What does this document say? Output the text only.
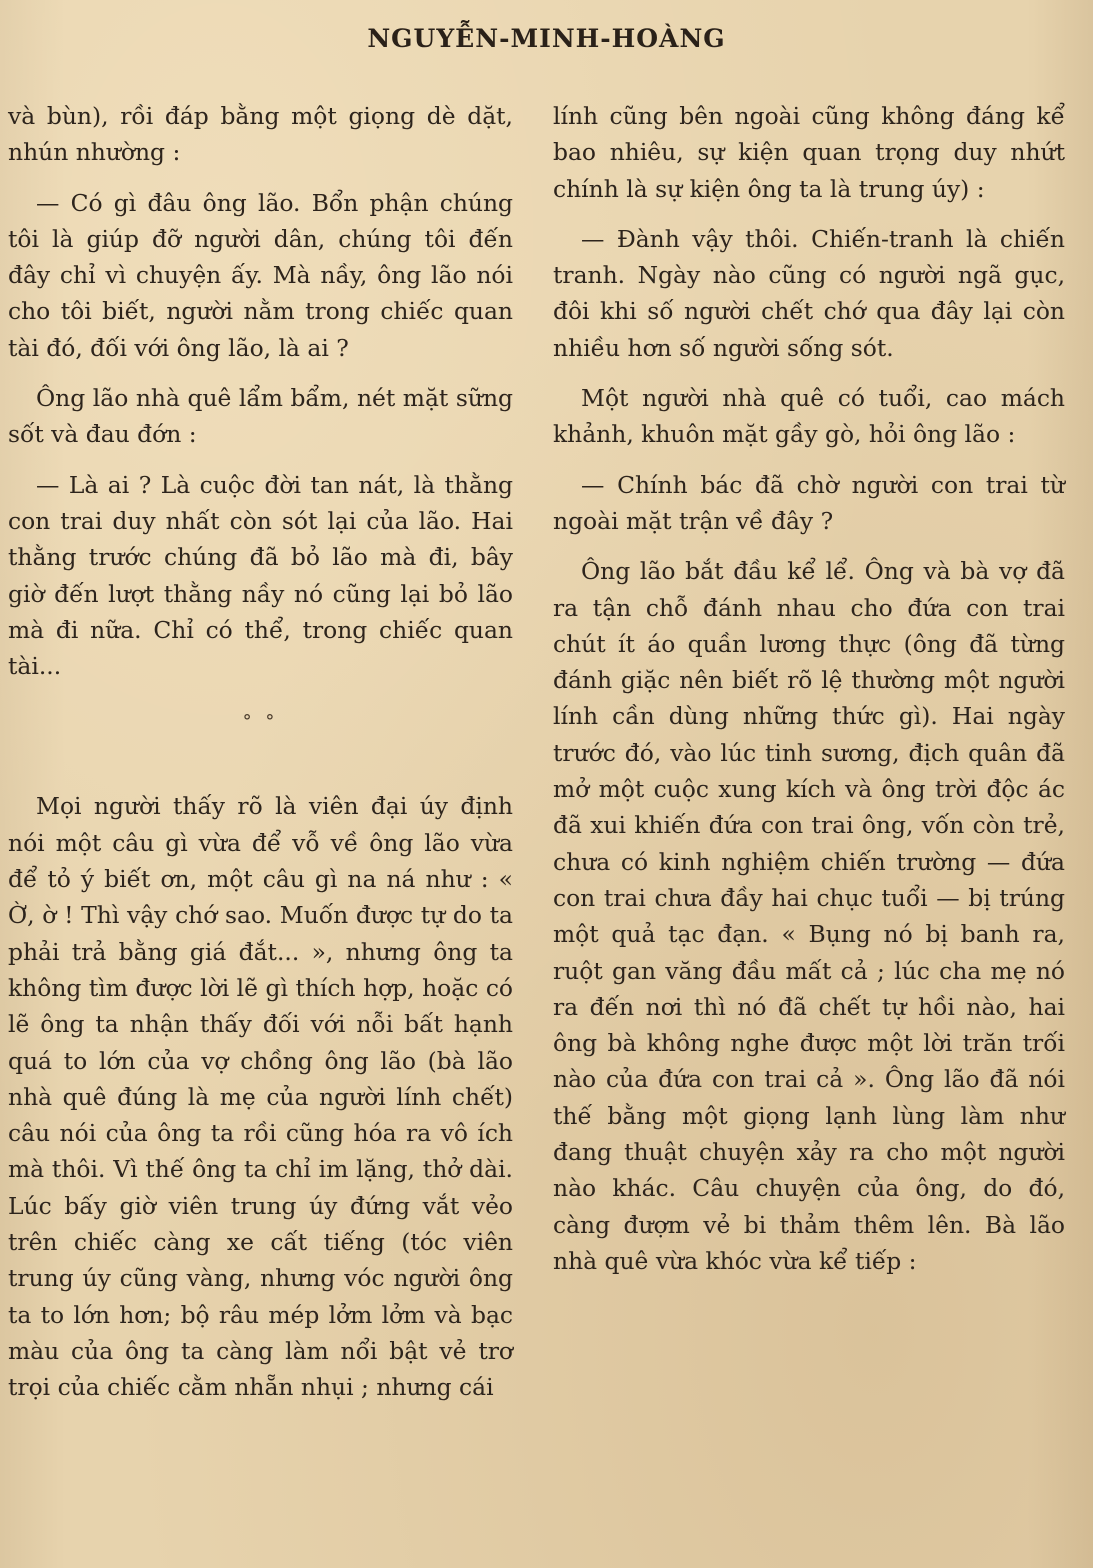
NGUYỄN-MINH-HOÀNG

và bùn), rồi đáp bằng một giọng dè dặt, nhún nhường :

— Có gì đâu ông lão. Bổn phận chúng tôi là giúp đỡ người dân, chúng tôi đến đây chỉ vì chuyện ấy. Mà nầy, ông lão nói cho tôi biết, người nằm trong chiếc quan tài đó, đối với ông lão, là ai ?

Ông lão nhà quê lẩm bẩm, nét mặt sững sốt và đau đớn :

— Là ai ? Là cuộc đời tan nát, là thằng con trai duy nhất còn sót lại của lão. Hai thằng trước chúng đã bỏ lão mà đi, bây giờ đến lượt thằng nầy nó cũng lại bỏ lão mà đi nữa. Chỉ có thể, trong chiếc quan tài...

° °

Mọi người thấy rõ là viên đại úy định nói một câu gì vừa để vỗ về ông lão vừa để tỏ ý biết ơn, một câu gì na ná như : « Ờ, ờ ! Thì vậy chớ sao. Muốn được tự do ta phải trả bằng giá đắt... », nhưng ông ta không tìm được lời lẽ gì thích hợp, hoặc có lẽ ông ta nhận thấy đối với nỗi bất hạnh quá to lớn của vợ chồng ông lão (bà lão nhà quê đúng là mẹ của người lính chết) câu nói của ông ta rồi cũng hóa ra vô ích mà thôi. Vì thế ông ta chỉ im lặng, thở dài. Lúc bấy giờ viên trung úy đứng vắt vẻo trên chiếc càng xe cất tiếng (tóc viên trung úy cũng vàng, nhưng vóc người ông ta to lớn hơn; bộ râu mép lởm lởm và bạc màu của ông ta càng làm nổi bật vẻ trơ trọi của chiếc cằm nhẵn nhụi ; nhưng cái

lính cũng bên ngoài cũng không đáng kể bao nhiêu, sự kiện quan trọng duy nhứt chính là sự kiện ông ta là trung úy) :

— Đành vậy thôi. Chiến-tranh là chiến tranh. Ngày nào cũng có người ngã gục, đôi khi số người chết chớ qua đây lại còn nhiều hơn số người sống sót.

Một người nhà quê có tuổi, cao mách khảnh, khuôn mặt gầy gò, hỏi ông lão :

— Chính bác đã chờ người con trai từ ngoài mặt trận về đây ?

Ông lão bắt đầu kể lể. Ông và bà vợ đã ra tận chỗ đánh nhau cho đứa con trai chút ít áo quần lương thực (ông đã từng đánh giặc nên biết rõ lệ thường một người lính cần dùng những thức gì). Hai ngày trước đó, vào lúc tinh sương, địch quân đã mở một cuộc xung kích và ông trời độc ác đã xui khiến đứa con trai ông, vốn còn trẻ, chưa có kinh nghiệm chiến trường — đứa con trai chưa đầy hai chục tuổi — bị trúng một quả tạc đạn. « Bụng nó bị banh ra, ruột gan văng đầu mất cả ; lúc cha mẹ nó ra đến nơi thì nó đã chết tự hồi nào, hai ông bà không nghe được một lời trăn trối nào của đứa con trai cả ». Ông lão đã nói thế bằng một giọng lạnh lùng làm như đang thuật chuyện xảy ra cho một người nào khác. Câu chuyện của ông, do đó, càng đượm vẻ bi thảm thêm lên. Bà lão nhà quê vừa khóc vừa kể tiếp :
